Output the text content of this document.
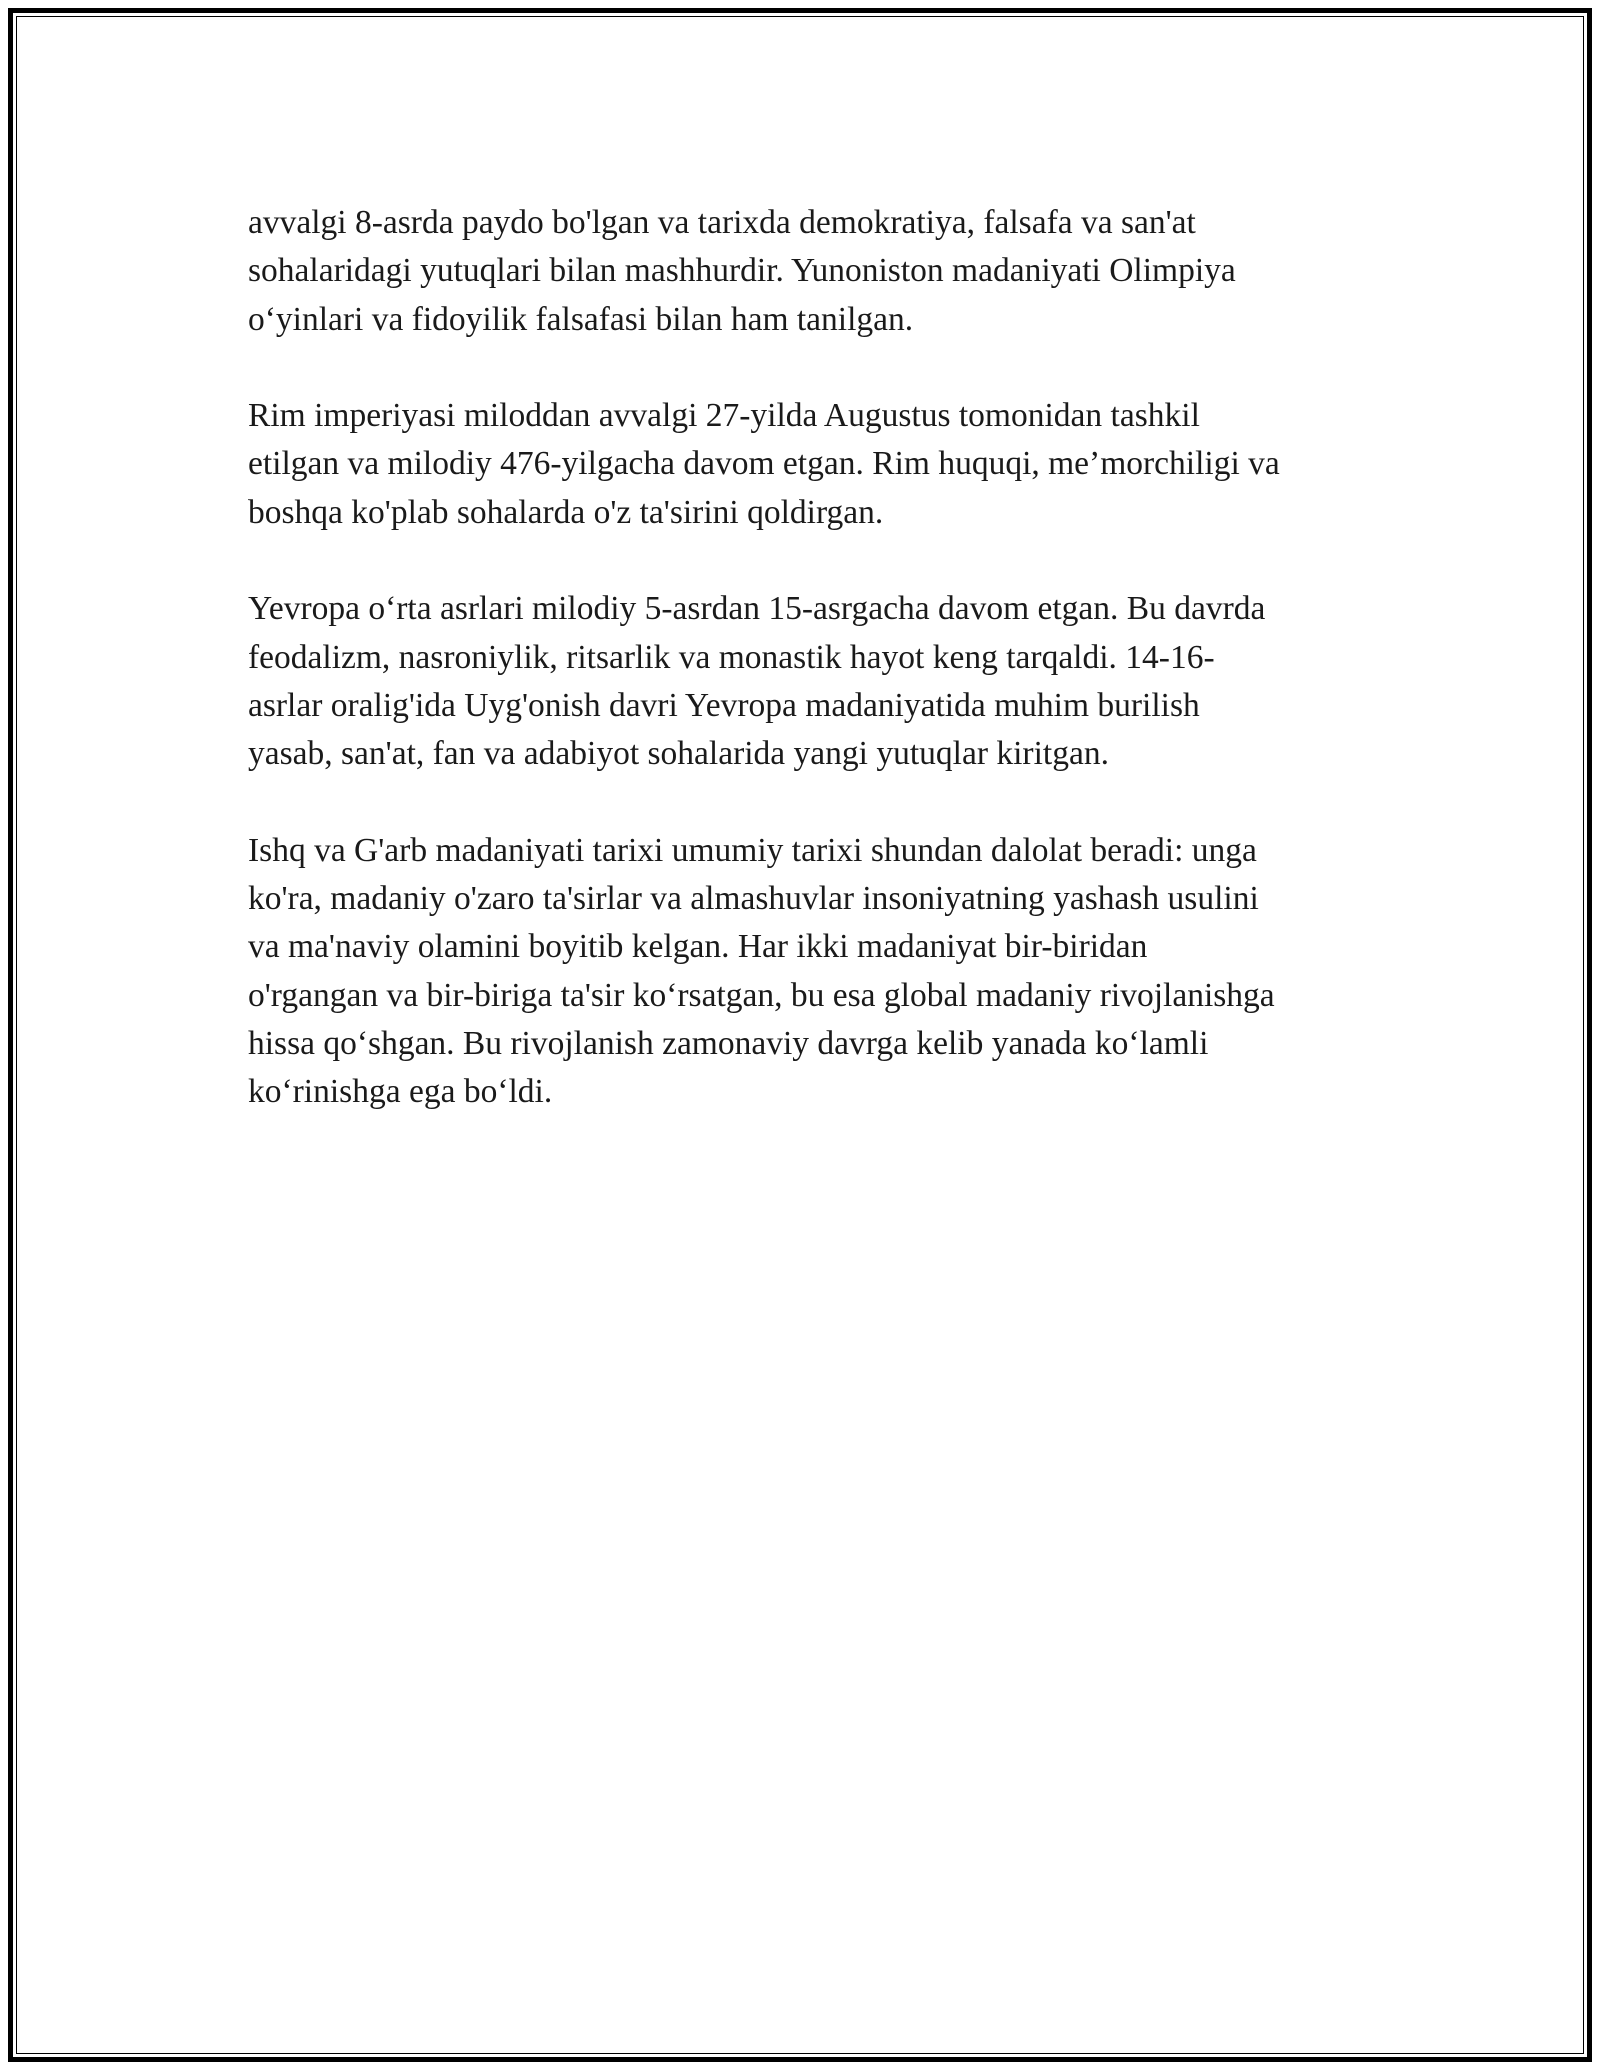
avvalgi 8-asrda paydo bo'lgan va tarixda demokratiya, falsafa va san'at
sohalaridagi yutuqlari bilan mashhurdir. Yunoniston madaniyati Olimpiya
o‘yinlari va fidoyilik falsafasi bilan ham tanilgan.

Rim imperiyasi miloddan avvalgi 27-yilda Augustus tomonidan tashkil
etilgan va milodiy 476-yilgacha davom etgan. Rim huquqi, me’morchiligi va
boshqa ko'plab sohalarda o'z ta'sirini qoldirgan.

Yevropa o‘rta asrlari milodiy 5-asrdan 15-asrgacha davom etgan. Bu davrda
feodalizm, nasroniylik, ritsarlik va monastik hayot keng tarqaldi. 14-16-
asrlar oralig'ida Uyg'onish davri Yevropa madaniyatida muhim burilish
yasab, san'at, fan va adabiyot sohalarida yangi yutuqlar kiritgan.

Ishq va G'arb madaniyati tarixi umumiy tarixi shundan dalolat beradi: unga
ko'ra, madaniy o'zaro ta'sirlar va almashuvlar insoniyatning yashash usulini
va ma'naviy olamini boyitib kelgan. Har ikki madaniyat bir-biridan
o'rgangan va bir-biriga ta'sir ko‘rsatgan, bu esa global madaniy rivojlanishga
hissa qo‘shgan. Bu rivojlanish zamonaviy davrga kelib yanada ko‘lamli
ko‘rinishga ega bo‘ldi.
